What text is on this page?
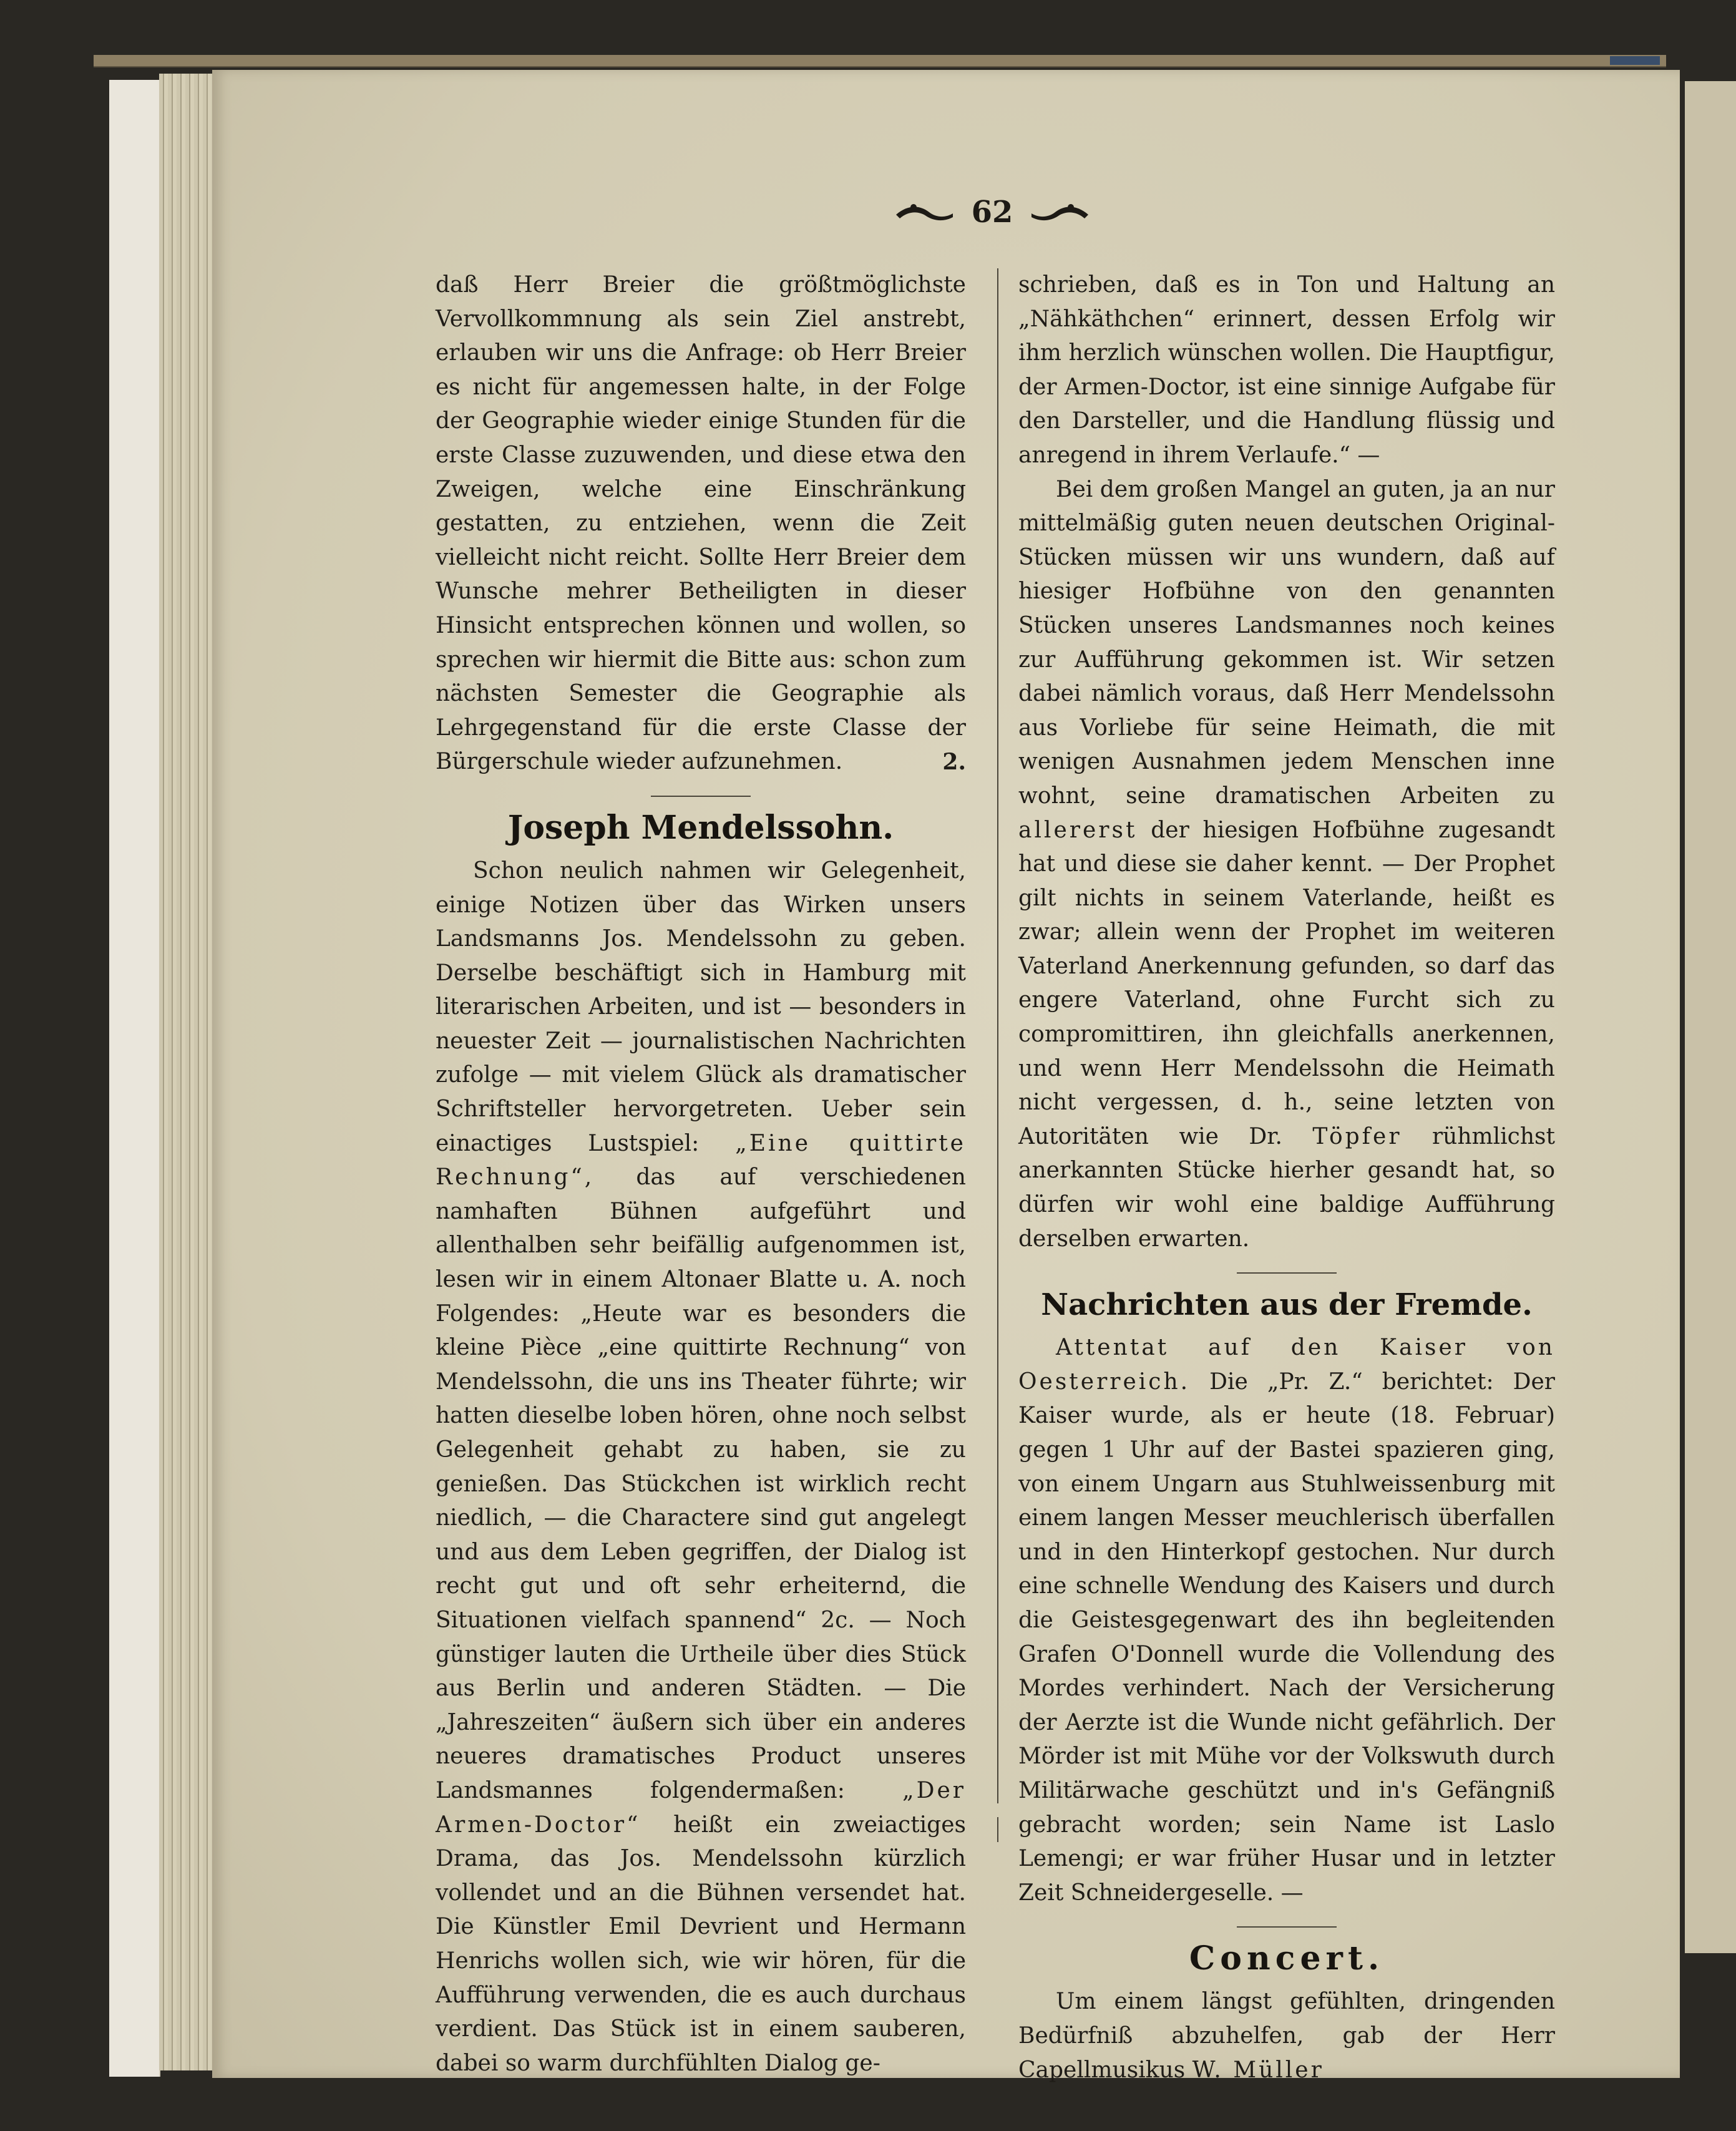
62

daß Herr Breier die größtmöglichste Vervollkommnung als sein Ziel anstrebt, erlauben wir uns die Anfrage: ob Herr Breier es nicht für angemessen halte, in der Folge der Geographie wieder einige Stunden für die erste Classe zuzuwenden, und diese etwa den Zweigen, welche eine Einschränkung gestatten, zu entziehen, wenn die Zeit vielleicht nicht reicht. Sollte Herr Breier dem Wunsche mehrer Betheiligten in dieser Hinsicht entsprechen können und wollen, so sprechen wir hiermit die Bitte aus: schon zum nächsten Semester die Geographie als Lehrgegenstand für die erste Classe der Bürgerschule wieder aufzunehmen.	2.

Joseph Mendelssohn.

Schon neulich nahmen wir Gelegenheit, einige Notizen über das Wirken unsers Landsmanns Jos. Mendelssohn zu geben. Derselbe beschäftigt sich in Hamburg mit literarischen Arbeiten, und ist — besonders in neuester Zeit — journalistischen Nachrichten zufolge — mit vielem Glück als dramatischer Schriftsteller hervorgetreten. Ueber sein einactiges Lustspiel: „Eine quittirte Rechnung“, das auf verschiedenen namhaften Bühnen aufgeführt und allenthalben sehr beifällig aufgenommen ist, lesen wir in einem Altonaer Blatte u. A. noch Folgendes: „Heute war es besonders die kleine Pièce „eine quittirte Rechnung“ von Mendelssohn, die uns ins Theater führte; wir hatten dieselbe loben hören, ohne noch selbst Gelegenheit gehabt zu haben, sie zu genießen. Das Stückchen ist wirklich recht niedlich, — die Charactere sind gut angelegt und aus dem Leben gegriffen, der Dialog ist recht gut und oft sehr erheiternd, die Situationen vielfach spannend“ 2c. — Noch günstiger lauten die Urtheile über dies Stück aus Berlin und anderen Städten. — Die „Jahreszeiten“ äußern sich über ein anderes neueres dramatisches Product unseres Landsmannes folgendermaßen:	„Der Armen-Doctor“ heißt ein zweiactiges Drama, das Jos. Mendelssohn kürzlich vollendet und an die Bühnen versendet hat. Die Künstler Emil Devrient und Hermann Henrichs wollen sich, wie wir hören, für die Aufführung verwenden, die es auch durchaus verdient. Das Stück ist in einem sauberen, dabei so warm durchfühlten Dialog ge-

schrieben, daß es in Ton und Haltung an „Nähkäthchen“ erinnert, dessen Erfolg wir ihm herzlich wünschen wollen. Die Hauptfigur, der Armen-Doctor, ist eine sinnige Aufgabe für den Darsteller, und die Handlung flüssig und anregend in ihrem Verlaufe.“ —

Bei dem großen Mangel an guten, ja an nur mittelmäßig guten neuen deutschen Original-Stücken müssen wir uns wundern, daß auf hiesiger Hofbühne von den genannten Stücken unseres Landsmannes noch keines zur Aufführung gekommen ist. Wir setzen dabei nämlich voraus, daß Herr Mendelssohn aus Vorliebe für seine Heimath, die mit wenigen Ausnahmen jedem Menschen inne wohnt, seine dramatischen Arbeiten zu allererst der hiesigen Hofbühne zugesandt hat und diese sie daher kennt. — Der Prophet gilt nichts in seinem Vaterlande, heißt es zwar; allein wenn der Prophet im weiteren Vaterland Anerkennung gefunden, so darf das engere Vaterland, ohne Furcht sich zu compromittiren, ihn gleichfalls anerkennen, und wenn Herr Mendelssohn die Heimath nicht vergessen, d. h., seine letzten von Autoritäten wie Dr. Töpfer rühmlichst anerkannten Stücke hierher gesandt hat, so dürfen wir wohl eine baldige Aufführung derselben erwarten.

Nachrichten aus der Fremde.

Attentat auf den Kaiser von Oesterreich. Die „Pr. Z.“ berichtet: Der Kaiser wurde, als er heute (18. Februar) gegen 1 Uhr auf der Bastei spazieren ging, von einem Ungarn aus Stuhlweissenburg mit einem langen Messer meuchlerisch überfallen und in den Hinterkopf gestochen. Nur durch eine schnelle Wendung des Kaisers und durch die Geistesgegenwart des ihn begleitenden Grafen O'Donnell wurde die Vollendung des Mordes verhindert. Nach der Versicherung der Aerzte ist die Wunde nicht gefährlich. Der Mörder ist mit Mühe vor der Volkswuth durch Militärwache geschützt und in's Gefängniß gebracht worden; sein Name ist Laslo Lemengi; er war früher Husar und in letzter Zeit Schneidergeselle. —

Concert.

Um einem längst gefühlten, dringenden Bedürfniß abzuhelfen, gab der Herr Capellmusikus W. Müller
